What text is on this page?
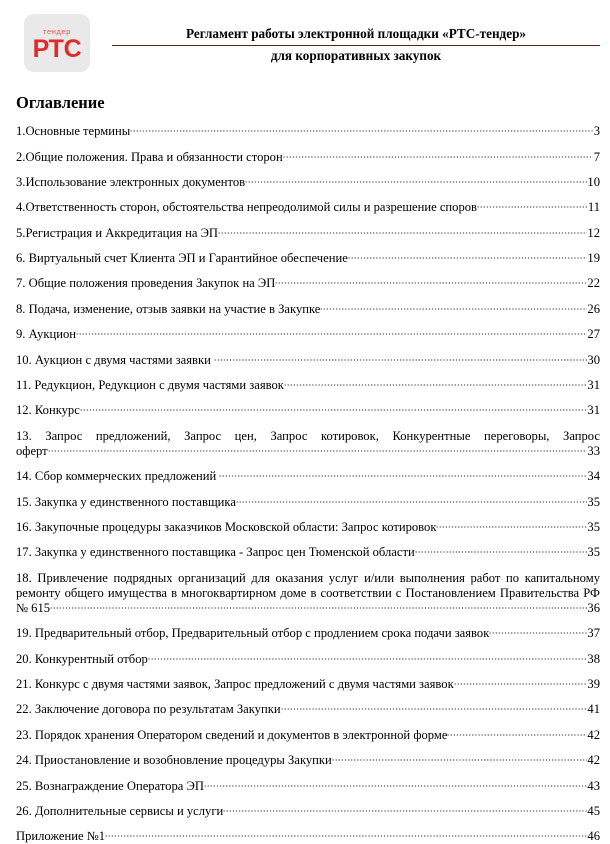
тендер
РТС
Регламент работы электронной площадки «РТС-тендер»
для корпоративных закупок
Оглавление
1.Основные термины	3
2.Общие положения. Права и обязанности сторон	7
3.Использование электронных документов	10
4.Ответственность сторон, обстоятельства непреодолимой силы и разрешение споров	11
5.Регистрация и Аккредитация на ЭП	12
6. Виртуальный счет Клиента ЭП и Гарантийное обеспечение	19
7. Общие положения проведения Закупок на ЭП	22
8. Подача, изменение, отзыв заявки на участие в Закупке	26
9. Аукцион	27
10. Аукцион с двумя частями заявки	30
11. Редукцион, Редукцион с двумя частями заявок	31
12. Конкурс	31
13. Запрос предложений, Запрос цен, Запрос котировок, Конкурентные переговоры, Запрос
оферт	33
14. Сбор коммерческих предложений	34
15. Закупка у единственного поставщика	35
16. Закупочные процедуры заказчиков Московской области: Запрос котировок	35
17. Закупка у единственного поставщика - Запрос цен Тюменской области	35
18. Привлечение подрядных организаций для оказания услуг и/или выполнения работ по капитальному
ремонту общего имущества в многоквартирном доме в соответствии с Постановлением Правительства РФ
№ 615	36
19. Предварительный отбор, Предварительный отбор с продлением срока подачи заявок	37
20. Конкурентный отбор	38
21. Конкурс с двумя частями заявок, Запрос предложений с двумя частями заявок	39
22. Заключение договора по результатам Закупки	41
23. Порядок хранения Оператором сведений и документов в электронной форме	42
24. Приостановление и возобновление процедуры Закупки	42
25. Вознаграждение Оператора ЭП	43
26. Дополнительные сервисы и услуги	45
Приложение №1	46
